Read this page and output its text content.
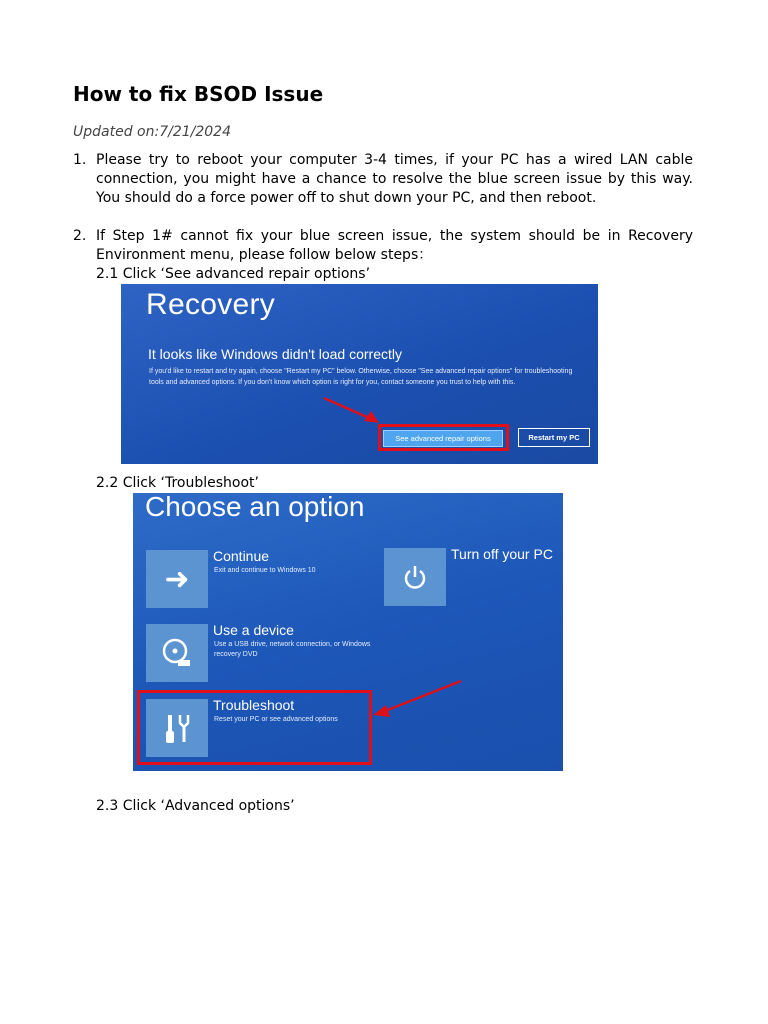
How to fix BSOD Issue
Updated on:7/21/2024
1. Please try to reboot your computer 3-4 times, if your PC has a wired LAN cable connection, you might have a chance to resolve the blue screen issue by this way. You should do a force power off to shut down your PC, and then reboot.
2. If Step 1# cannot fix your blue screen issue, the system should be in Recovery Environment menu, please follow below steps：
2.1 Click ‘See advanced repair options’
Recovery
It looks like Windows didn't load correctly
If you'd like to restart and try again, choose "Restart my PC" below. Otherwise, choose "See advanced repair options" for troubleshooting tools and advanced options. If you don't know which option is right for you, contact someone you trust to help with this.
See advanced repair options	Restart my PC
2.2 Click ‘Troubleshoot’
Choose an option
➜
Continue
Exit and continue to Windows 10
Turn off your PC
Use a device
Use a USB drive, network connection, or Windows recovery DVD
Troubleshoot
Reset your PC or see advanced options
2.3 Click ‘Advanced options’
